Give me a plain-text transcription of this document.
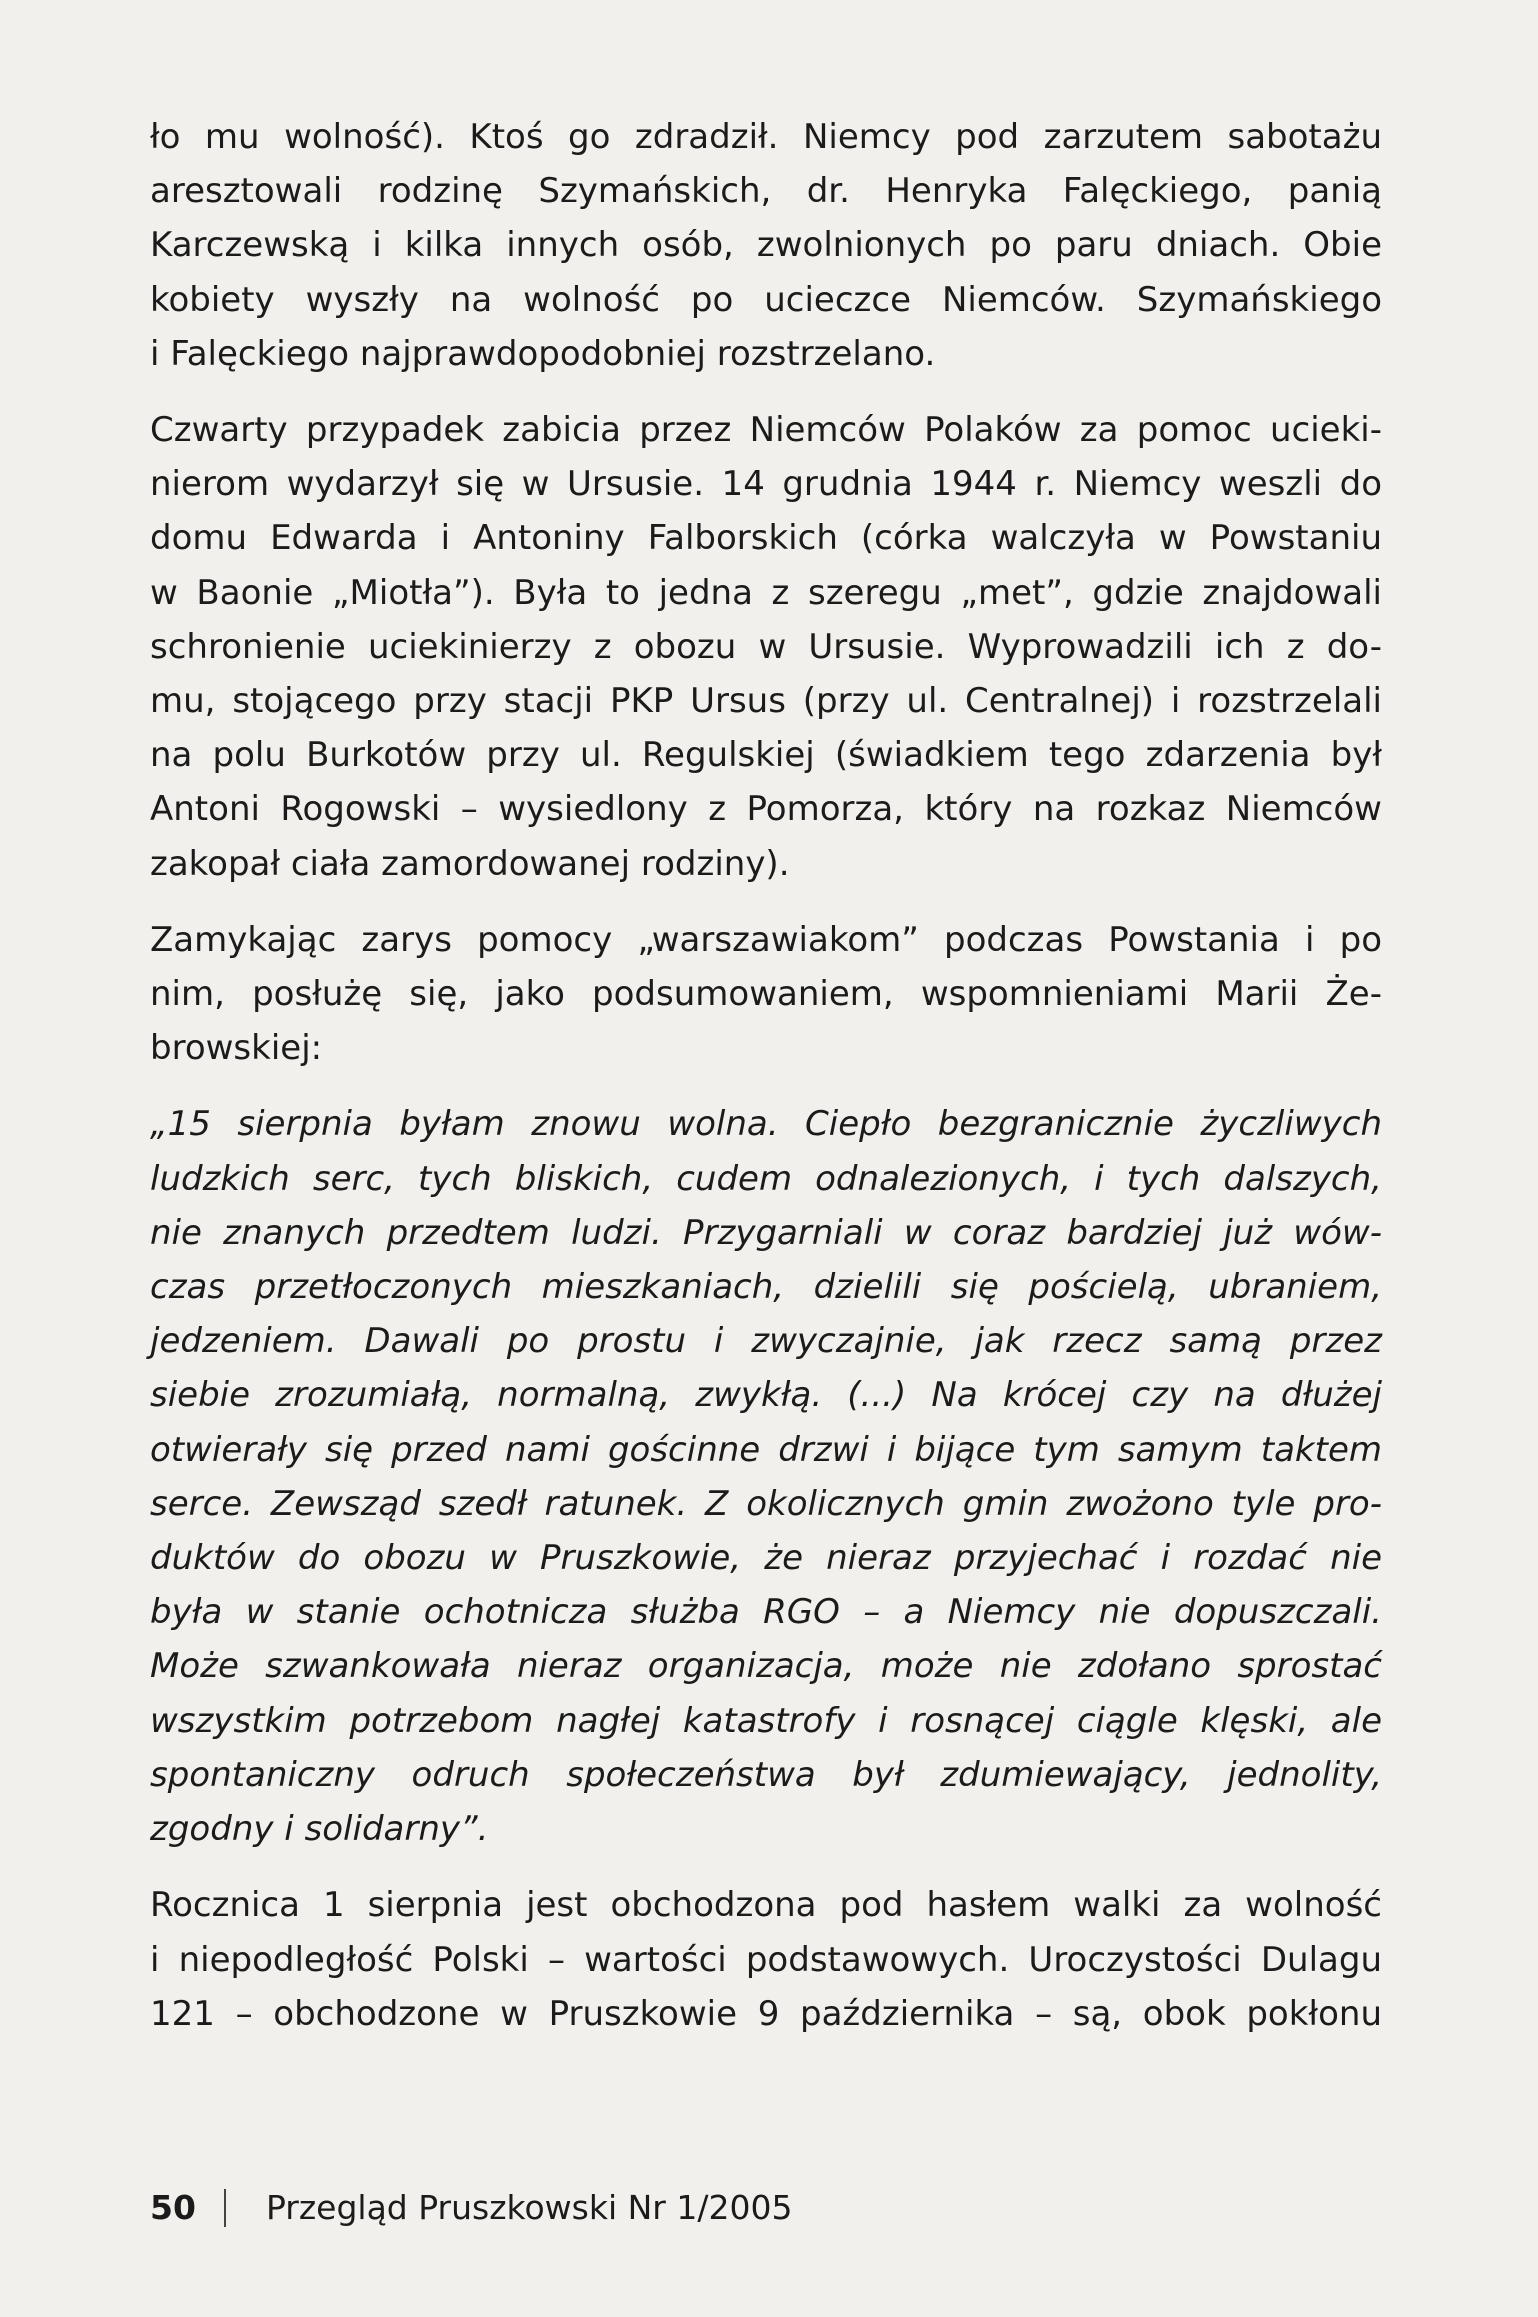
ło mu wolność). Ktoś go zdradził. Niemcy pod zarzutem sabotażu
aresztowali rodzinę Szymańskich, dr. Henryka Falęckiego, panią
Karczewską i kilka innych osób, zwolnionych po paru dniach. Obie
kobiety wyszły na wolność po ucieczce Niemców. Szymańskiego
i Falęckiego najprawdopodobniej rozstrzelano.

Czwarty przypadek zabicia przez Niemców Polaków za pomoc ucieki-
nierom wydarzył się w Ursusie. 14 grudnia 1944 r. Niemcy weszli do
domu Edwarda i Antoniny Falborskich (córka walczyła w Powstaniu
w Baonie „Miotła”). Była to jedna z szeregu „met”, gdzie znajdowali
schronienie uciekinierzy z obozu w Ursusie. Wyprowadzili ich z do-
mu, stojącego przy stacji PKP Ursus (przy ul. Centralnej) i rozstrzelali
na polu Burkotów przy ul. Regulskiej (świadkiem tego zdarzenia był
Antoni Rogowski – wysiedlony z Pomorza, który na rozkaz Niemców
zakopał ciała zamordowanej rodziny).

Zamykając zarys pomocy „warszawiakom” podczas Powstania i po
nim, posłużę się, jako podsumowaniem, wspomnieniami Marii Że-
browskiej:

„15 sierpnia byłam znowu wolna. Ciepło bezgranicznie życzliwych
ludzkich serc, tych bliskich, cudem odnalezionych, i tych dalszych,
nie znanych przedtem ludzi. Przygarniali w coraz bardziej już wów-
czas przetłoczonych mieszkaniach, dzielili się pościelą, ubraniem,
jedzeniem. Dawali po prostu i zwyczajnie, jak rzecz samą przez
siebie zrozumiałą, normalną, zwykłą. (...) Na krócej czy na dłużej
otwierały się przed nami gościnne drzwi i bijące tym samym taktem
serce. Zewsząd szedł ratunek. Z okolicznych gmin zwożono tyle pro-
duktów do obozu w Pruszkowie, że nieraz przyjechać i rozdać nie
była w stanie ochotnicza służba RGO – a Niemcy nie dopuszczali.
Może szwankowała nieraz organizacja, może nie zdołano sprostać
wszystkim potrzebom nagłej katastrofy i rosnącej ciągle klęski, ale
spontaniczny odruch społeczeństwa był zdumiewający, jednolity,
zgodny i solidarny”.

Rocznica 1 sierpnia jest obchodzona pod hasłem walki za wolność
i niepodległość Polski – wartości podstawowych. Uroczystości Dulagu
121 – obchodzone w Pruszkowie 9 października – są, obok pokłonu

50 Przegląd Pruszkowski Nr 1/2005
